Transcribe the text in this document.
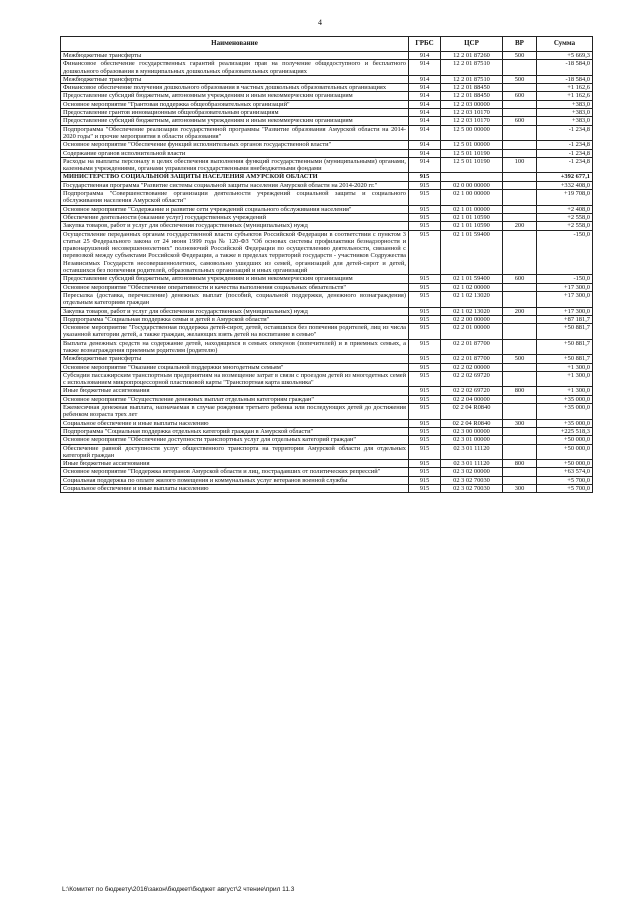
4
Наименование	ГРБС	ЦСР	ВР	Сумма
Межбюджетные трансферты	914	12 2 01 87260	500	+5 669,3
Финансовое обеспечение государственных гарантий реализации прав на получение общедоступного и бесплатного дошкольного образования в муниципальных дошкольных образовательных организациях	914	12 2 01 87510		-18 584,0
Межбюджетные трансферты	914	12 2 01 87510	500	-18 584,0
Финансовое обеспечение получения дошкольного образования в частных дошкольных образовательных организациях	914	12 2 01 88450		+1 162,6
Предоставление субсидий бюджетным, автономным учреждениям и иным некоммерческим организациям	914	12 2 01 88450	600	+1 162,6
Основное мероприятие "Грантовая поддержка общеобразовательных организаций"	914	12 2 03 00000		+383,0
Предоставление грантов инновационным общеобразовательным организациям	914	12 2 03 10170		+383,0
Предоставление субсидий бюджетным, автономным учреждениям и иным некоммерческим организациям	914	12 2 03 10170	600	+383,0
Подпрограмма "Обеспечение реализации государственной программы "Развитие образования Амурской области на 2014-2020 годы" и прочие мероприятия в области образования"	914	12 5 00 00000		-1 234,8
Основное мероприятие "Обеспечение функций исполнительных органов государственной власти"	914	12 5 01 00000		-1 234,8
Содержание органов исполнительной власти	914	12 5 01 10190		-1 234,8
Расходы на выплаты персоналу в целях обеспечения выполнения функций государственными (муниципальными) органами, казенными учреждениями, органами управления государственными внебюджетными фондами	914	12 5 01 10190	100	-1 234,8
МИНИСТЕРСТВО СОЦИАЛЬНОЙ ЗАЩИТЫ НАСЕЛЕНИЯ АМУРСКОЙ ОБЛАСТИ	915			+392 677,1
Государственная программа "Развитие системы социальной защиты населения Амурской области на 2014-2020 гг."	915	02 0 00 00000		+332 408,0
Подпрограмма "Совершенствование организации деятельности учреждений социальной защиты и социального обслуживания населения Амурской области"	915	02 1 00 00000		+19 708,0
Основное мероприятие "Содержание и развитие сети учреждений социального обслуживания населения"	915	02 1 01 00000		+2 408,0
Обеспечение деятельности (оказание услуг) государственных учреждений	915	02 1 01 10590		+2 558,0
Закупка товаров, работ и услуг для обеспечения государственных (муниципальных) нужд	915	02 1 01 10590	200	+2 558,0
Осуществление переданных органам государственной власти субъектов Российской Федерации в соответствии с пунктом 3 статьи 25 Федерального закона от 24 июня 1999 года № 120-ФЗ "Об основах системы профилактики безнадзорности и правонарушений несовершеннолетних" полномочий Российской Федерации по осуществлению деятельности, связанной с перевозкой между субъектами Российской Федерации, а также в пределах территорий государств - участников Содружества Независимых Государств несовершеннолетних, самовольно ушедших из семей, организаций для детей-сирот и детей, оставшихся без попечения родителей, образовательных организаций и иных организаций	915	02 1 01 59400		-150,0
Предоставление субсидий бюджетным, автономным учреждениям и иным некоммерческим организациям	915	02 1 01 59400	600	-150,0
Основное мероприятие "Обеспечение оперативности и качества выполнения социальных обязательств"	915	02 1 02 00000		+17 300,0
Пересылка (доставка, перечисление) денежных выплат (пособий, социальной поддержки, денежного вознаграждения) отдельным категориям граждан	915	02 1 02 13020		+17 300,0
Закупка товаров, работ и услуг для обеспечения государственных (муниципальных) нужд	915	02 1 02 13020	200	+17 300,0
Подпрограмма "Социальная поддержка семьи и детей в Амурской области"	915	02 2 00 00000		+87 181,7
Основное мероприятие "Государственная поддержка детей-сирот, детей, оставшихся без попечения родителей, лиц из числа указанной категории детей, а также граждан, желающих взять детей на воспитание в семью"	915	02 2 01 00000		+50 881,7
Выплата денежных средств на содержание детей, находящихся в семьях опекунов (попечителей) и в приемных семьях, а также вознаграждения приемным родителям (родителю)	915	02 2 01 87700		+50 881,7
Межбюджетные трансферты	915	02 2 01 87700	500	+50 881,7
Основное мероприятие "Оказание социальной поддержки многодетным семьям"	915	02 2 02 00000		+1 300,0
Субсидии пассажирским транспортным предприятиям на возмещение затрат в связи с проездом детей из многодетных семей с использованием микропроцессорной пластиковой карты "Транспортная карта школьника"	915	02 2 02 69720		+1 300,0
Иные бюджетные ассигнования	915	02 2 02 69720	800	+1 300,0
Основное мероприятие "Осуществление денежных выплат отдельным категориям граждан"	915	02 2 04 00000		+35 000,0
Ежемесячная денежная выплата, назначаемая в случае рождения третьего ребенка или последующих детей до достижения ребенком возраста трех лет	915	02 2 04 R0840		+35 000,0
Социальное обеспечение и иные выплаты населению	915	02 2 04 R0840	300	+35 000,0
Подпрограмма "Социальная поддержка отдельных категорий граждан в Амурской области"	915	02 3 00 00000		+225 518,3
Основное мероприятие "Обеспечение доступности транспортных услуг для отдельных категорий граждан"	915	02 3 01 00000		+50 000,0
Обеспечение равной доступности услуг общественного транспорта на территории Амурской области для отдельных категорий граждан	915	02 3 01 11120		+50 000,0
Иные бюджетные ассигнования	915	02 3 01 11120	800	+50 000,0
Основное мероприятие "Поддержка ветеранов Амурской области и лиц, пострадавших от политических репрессий"	915	02 3 02 00000		+63 574,0
Социальная поддержка по оплате жилого помещения и коммунальных услуг ветеранов военной службы	915	02 3 02 70030		+5 700,0
Социальное обеспечение и иные выплаты населению	915	02 3 02 70030	300	+5 700,0
L:\Комитет по бюджету\2016\закон\бюджет\бюджет август\2 чтение\прил 11.3
